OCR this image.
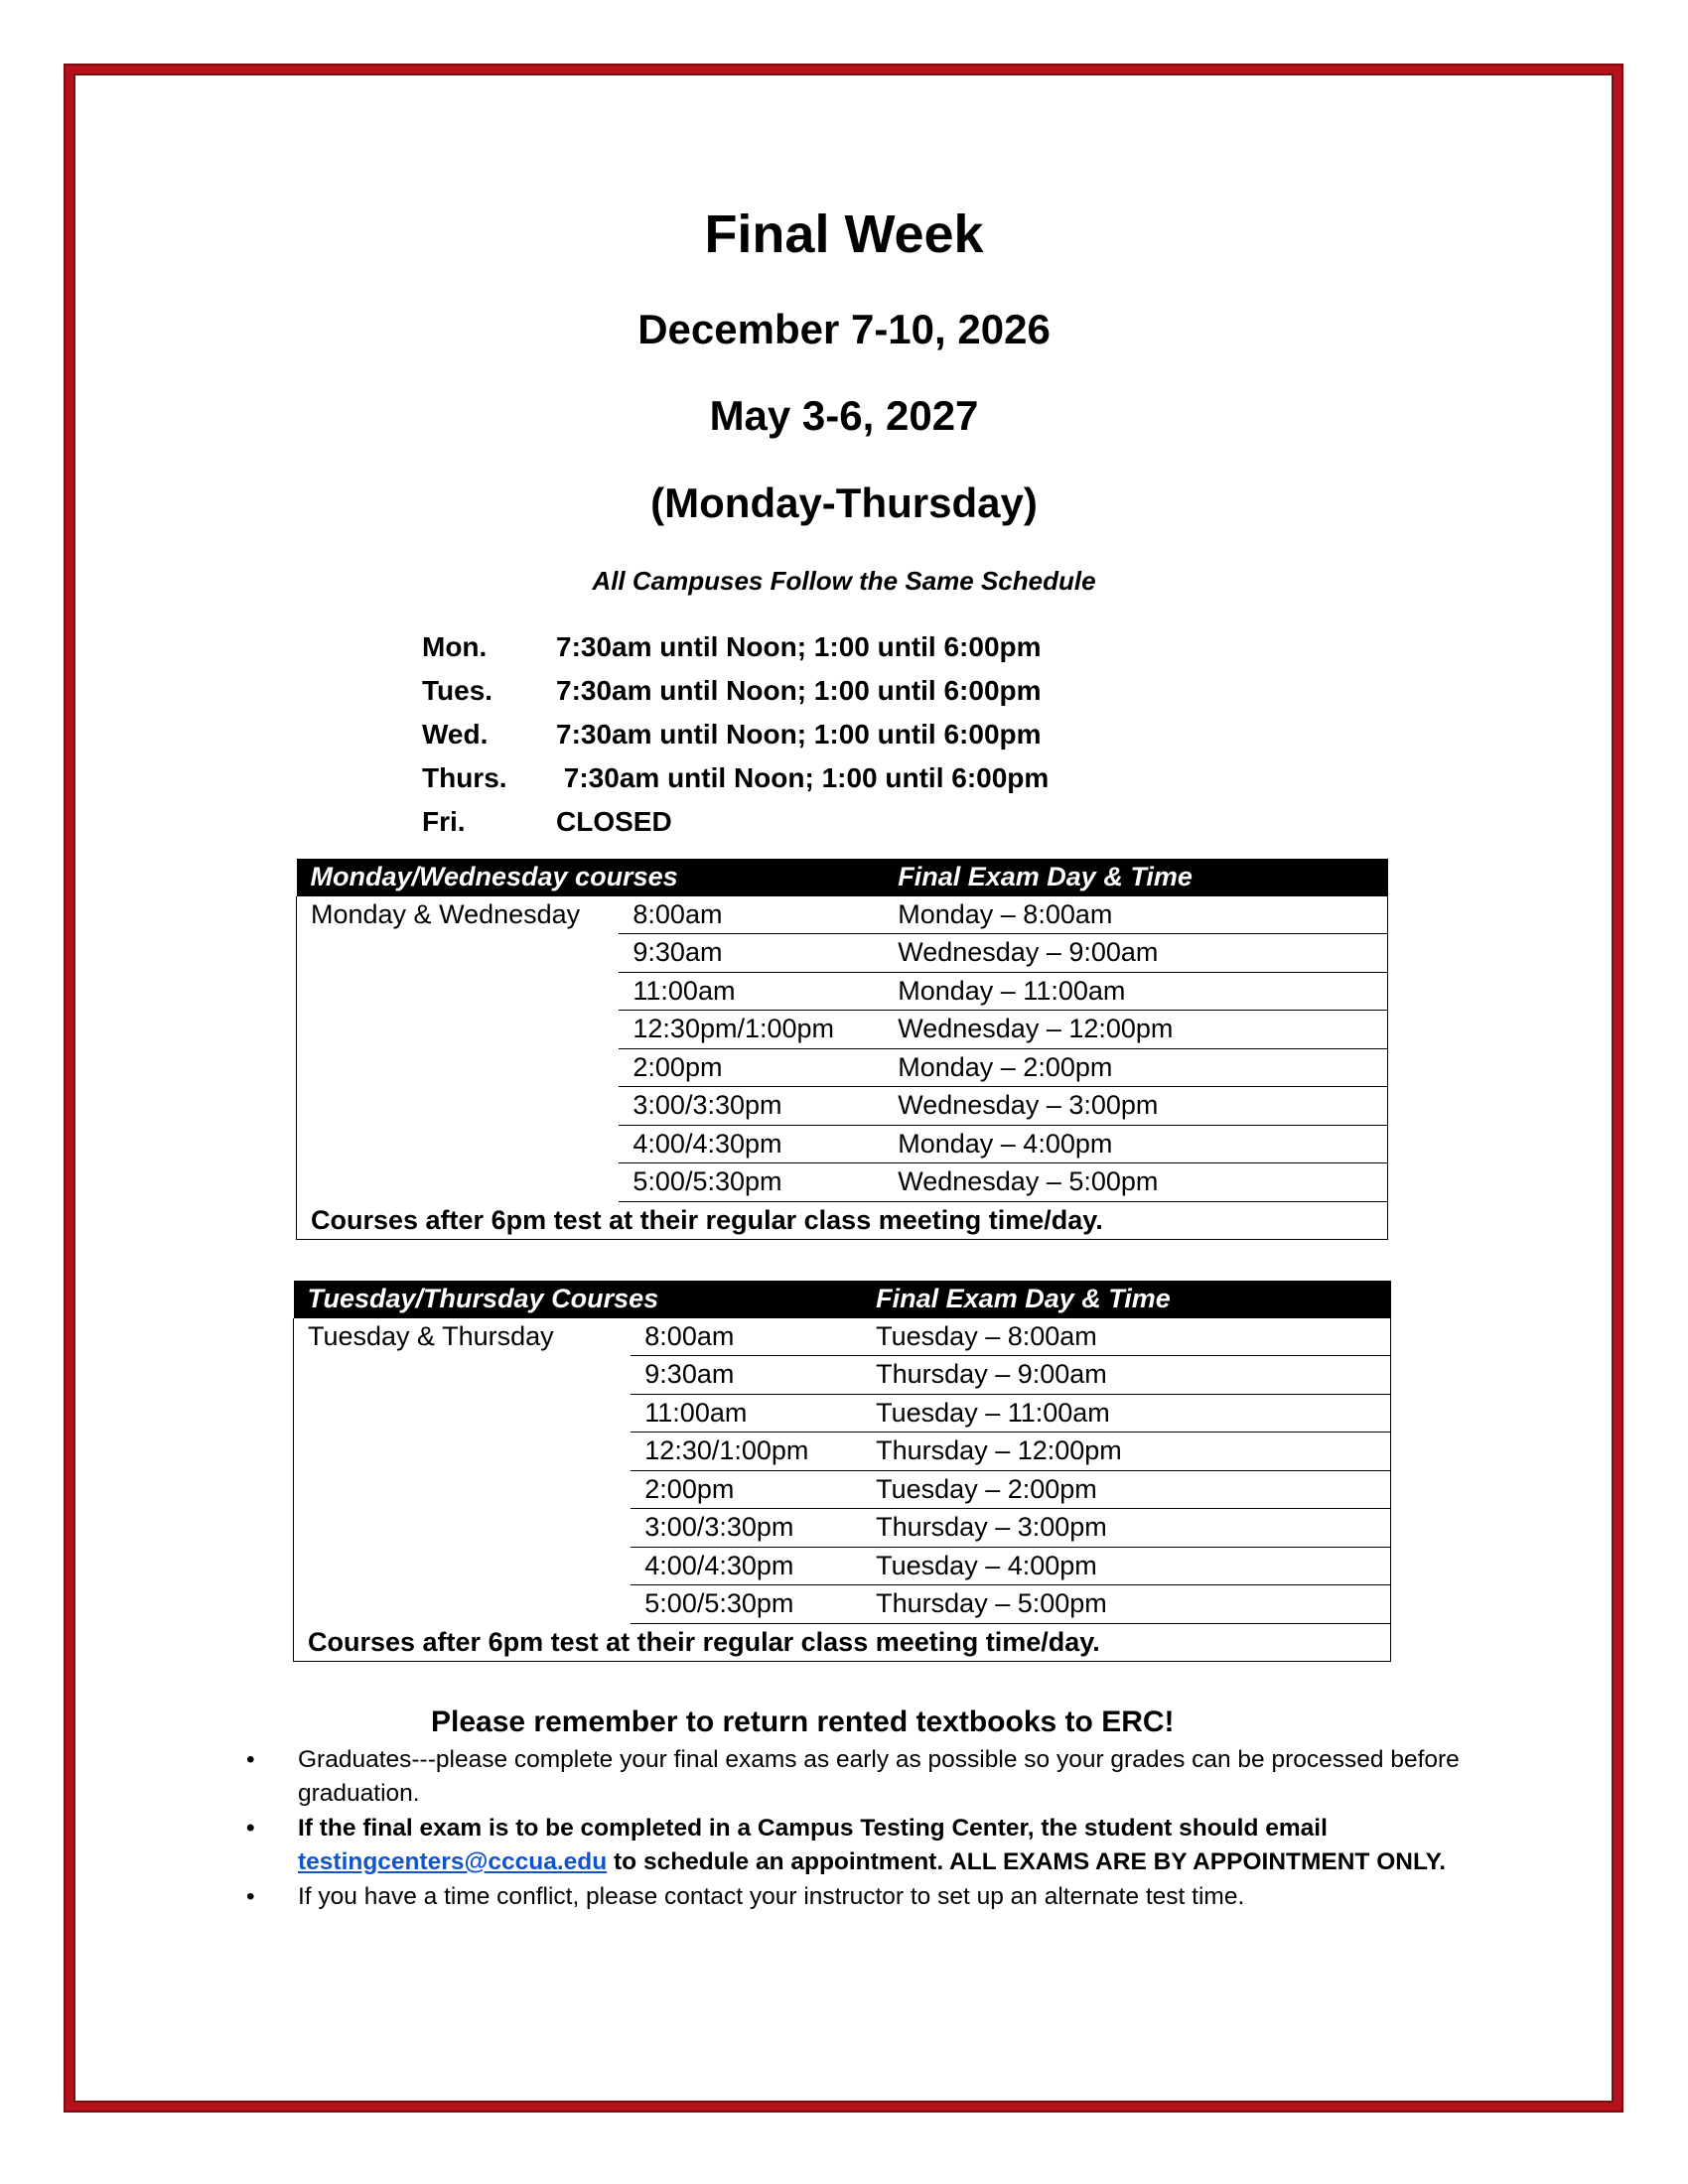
Final Week
December 7-10, 2026
May 3-6, 2027
(Monday-Thursday)
All Campuses Follow the Same Schedule
Mon. 7:30am until Noon; 1:00 until 6:00pm
Tues. 7:30am until Noon; 1:00 until 6:00pm
Wed. 7:30am until Noon; 1:00 until 6:00pm
Thurs. 7:30am until Noon; 1:00 until 6:00pm
Fri.	CLOSED
Monday/Wednesday courses		Final Exam Day & Time
Monday & Wednesday	8:00am	Monday – 8:00am
	9:30am	Wednesday – 9:00am
	11:00am	Monday – 11:00am
	12:30pm/1:00pm	Wednesday – 12:00pm
	2:00pm	Monday – 2:00pm
	3:00/3:30pm	Wednesday – 3:00pm
	4:00/4:30pm	Monday – 4:00pm
	5:00/5:30pm	Wednesday – 5:00pm
Courses after 6pm test at their regular class meeting time/day.		
Tuesday/Thursday Courses		Final Exam Day & Time
Tuesday & Thursday	8:00am	Tuesday – 8:00am
	9:30am	Thursday – 9:00am
	11:00am	Tuesday – 11:00am
	12:30/1:00pm	Thursday – 12:00pm
	2:00pm	Tuesday – 2:00pm
	3:00/3:30pm	Thursday – 3:00pm
	4:00/4:30pm	Tuesday – 4:00pm
	5:00/5:30pm	Thursday – 5:00pm
Courses after 6pm test at their regular class meeting time/day.		
Please remember to return rented textbooks to ERC!
• Graduates---please complete your final exams as early as possible so your grades can be processed before graduation.
• If the final exam is to be completed in a Campus Testing Center, the student should email testingcenters@cccua.edu to schedule an appointment. ALL EXAMS ARE BY APPOINTMENT ONLY.
• If you have a time conflict, please contact your instructor to set up an alternate test time.
